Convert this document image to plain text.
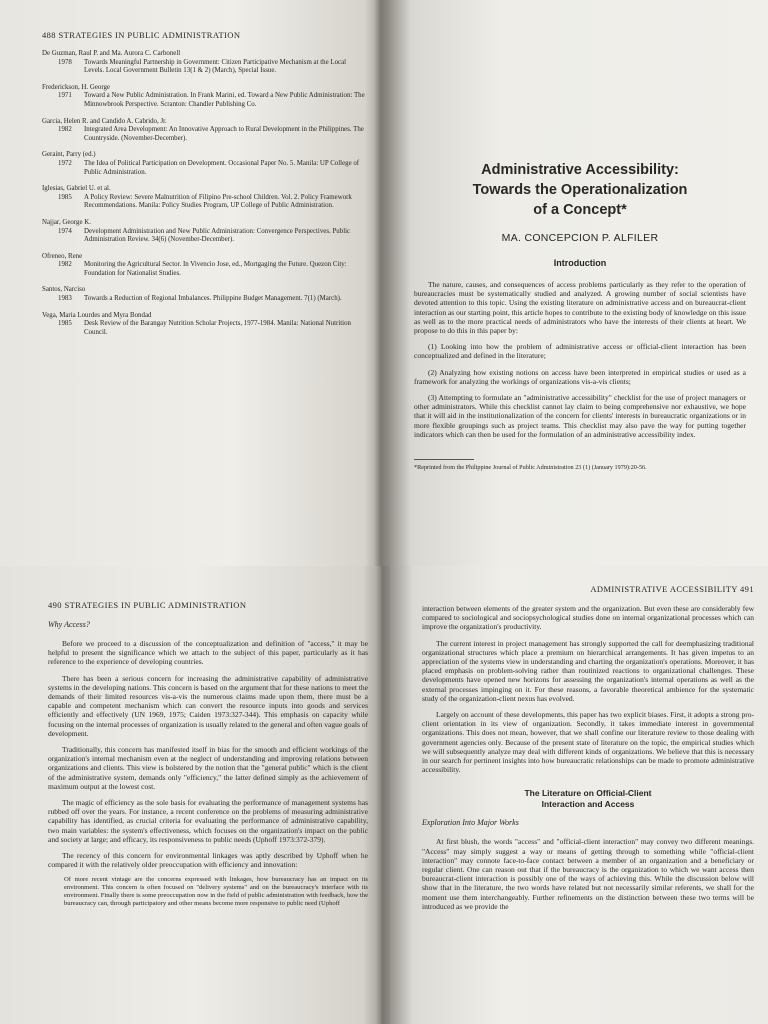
488 STRATEGIES IN PUBLIC ADMINISTRATION
De Guzman, Raul P. and Ma. Aurora C. Carbonell
1978	Towards Meaningful Partnership in Government: Citizen Participative Mechanism at the Local Levels. Local Government Bulletin 13(1 & 2) (March), Special Issue.
Frederickson, H. George
1971	Toward a New Public Administration. In Frank Marini, ed. Toward a New Public Administration: The Minnowbrook Perspective. Scranton: Chandler Publishing Co.
Garcia, Helen R. and Candido A. Cabrido, Jr.
1982	Integrated Area Development: An Innovative Approach to Rural Development in the Philippines. The Countryside. (November-December).
Geraint, Parry (ed.)
1972	The Idea of Political Participation on Development. Occasional Paper No. 5. Manila: UP College of Public Administration.
Iglesias, Gabriel U. et al.
1985	A Policy Review: Severe Malnutrition of Filipino Pre-school Children. Vol. 2. Policy Framework Recommendations. Manila: Policy Studies Program, UP College of Public Administration.
Najjar, George K.
1974	Development Administration and New Public Administration: Convergence Perspectives. Public Administration Review. 34(6) (November-December).
Ofreneo, Rene
1982	Monitoring the Agricultural Sector. In Vivencio Jose, ed., Mortgaging the Future. Quezon City: Foundation for Nationalist Studies.
Santos, Narciso
1983	Towards a Reduction of Regional Imbalances. Philippine Budget Management. 7(1) (March).
Vega, Maria Lourdes and Myra Bondad
1985	Desk Review of the Barangay Nutrition Scholar Projects, 1977-1984. Manila: National Nutrition Council.
Administrative Accessibility:
Towards the Operationalization
of a Concept*
MA. CONCEPCION P. ALFILER
Introduction

The nature, causes, and consequences of access problems particularly as they refer to the operation of bureaucracies must be systematically studied and analyzed. A growing number of social scientists have devoted attention to this topic. Using the existing literature on administrative access and on bureaucrat-client interaction as our starting point, this article hopes to contribute to the existing body of knowledge on this issue as well as to the more practical needs of administrators who have the interests of their clients at heart. We propose to do this in this paper by:

(1) Looking into how the problem of administrative access or official-client interaction has been conceptualized and defined in the literature;

(2) Analyzing how existing notions on access have been interpreted in empirical studies or used as a framework for analyzing the workings of organizations vis-a-vis clients;

(3) Attempting to formulate an "administrative accessibility" checklist for the use of project managers or other administrators. While this checklist cannot lay claim to being comprehensive nor exhaustive, we hope that it will aid in the institutionalization of the concern for clients' interests in bureaucratic organizations or in more flexible groupings such as project teams. This checklist may also pave the way for putting together indicators which can then be used for the formulation of an administrative accessibility index.

*Reprinted from the Philippine Journal of Public Administration 23 (1) (January 1979):20-56.
490 STRATEGIES IN PUBLIC ADMINISTRATION
Why Access?

Before we proceed to a discussion of the conceptualization and definition of "access," it may be helpful to present the significance which we attach to the subject of this paper, particularly as it has reference to the experience of developing countries.

There has been a serious concern for increasing the administrative capability of administrative systems in the developing nations. This concern is based on the argument that for these nations to meet the demands of their limited resources vis-a-vis the numerous claims made upon them, there must be a capable and competent mechanism which can convert the resource inputs into goods and services efficiently and effectively (UN 1969, 1975; Caiden 1973:327-344). This emphasis on capacity while focusing on the internal processes of organization is usually related to the general and often vague goals of development.

Traditionally, this concern has manifested itself in bias for the smooth and efficient workings of the organization's internal mechanism even at the neglect of understanding and improving relations between organizations and clients. This view is bolstered by the notion that the "general public" which is the client of the administrative system, demands only "efficiency," the latter defined simply as the achievement of maximum output at the lowest cost.

The magic of efficiency as the sole basis for evaluating the performance of management systems has rubbed off over the years. For instance, a recent conference on the problems of measuring administrative capability has identified, as crucial criteria for evaluating the performance of administrative capability, two main variables: the system's effectiveness, which focuses on the organization's impact on the public and society at large; and efficacy, its responsiveness to public needs (Uphoff 1973:372-379).

The recency of this concern for environmental linkages was aptly described by Uphoff when he compared it with the relatively older preoccupation with efficiency and innovation:

Of more recent vintage are the concerns expressed with linkages, how bureaucracy has an impact on its environment. This concern is often focused on "delivery systems" and on the bureaucracy's interface with its environment. Finally there is some preoccupation now in the field of public administration with feedback, how the bureaucracy can, through participatory and other means become more responsive to public need (Uphoff

ADMINISTRATIVE ACCESSIBILITY 491

interaction between elements of the greater system and the organization. But even these are considerably few compared to sociological and sociopsychological studies done on internal organizational processes which can improve the organization's productivity.

The current interest in project management has strongly supported the call for deemphasizing traditional organizational structures which place a premium on hierarchical arrangements. It has given impetus to an appreciation of the systems view in understanding and charting the organization's operations. Moreover, it has placed emphasis on problem-solving rather than routinized reactions to organizational challenges. These developments have opened new horizons for assessing the organization's internal operations as well as the external processes impinging on it. For these reasons, a favorable theoretical ambience for the systematic study of the organization-client nexus has evolved.

Largely on account of these developments, this paper has two explicit biases. First, it adopts a strong pro-client orientation in its view of organization. Secondly, it takes immediate interest in governmental organizations. This does not mean, however, that we shall confine our literature review to those dealing with government agencies only. Because of the present state of literature on the topic, the empirical studies which we will subsequently analyze may deal with different kinds of organizations. We believe that this is necessary in our search for pertinent insights into how bureaucratic relationships can be made to promote administrative accessibility.

The Literature on Official-Client
Interaction and Access
Exploration Into Major Works

At first blush, the words "access" and "official-client interaction" may convey two different meanings. "Access" may simply suggest a way or means of getting through to something while "official-client interaction" may connote face-to-face contact between a member of an organization and a beneficiary or regular client. One can reason out that if the bureaucracy is the organization to which we want access then bureaucrat-client interaction is possibly one of the ways of achieving this. While the discussion below will show that in the literature, the two words have related but not necessarily similar referents, we shall for the moment use them interchangeably. Further refinements on the distinction between these two terms will be introduced as we provide the
